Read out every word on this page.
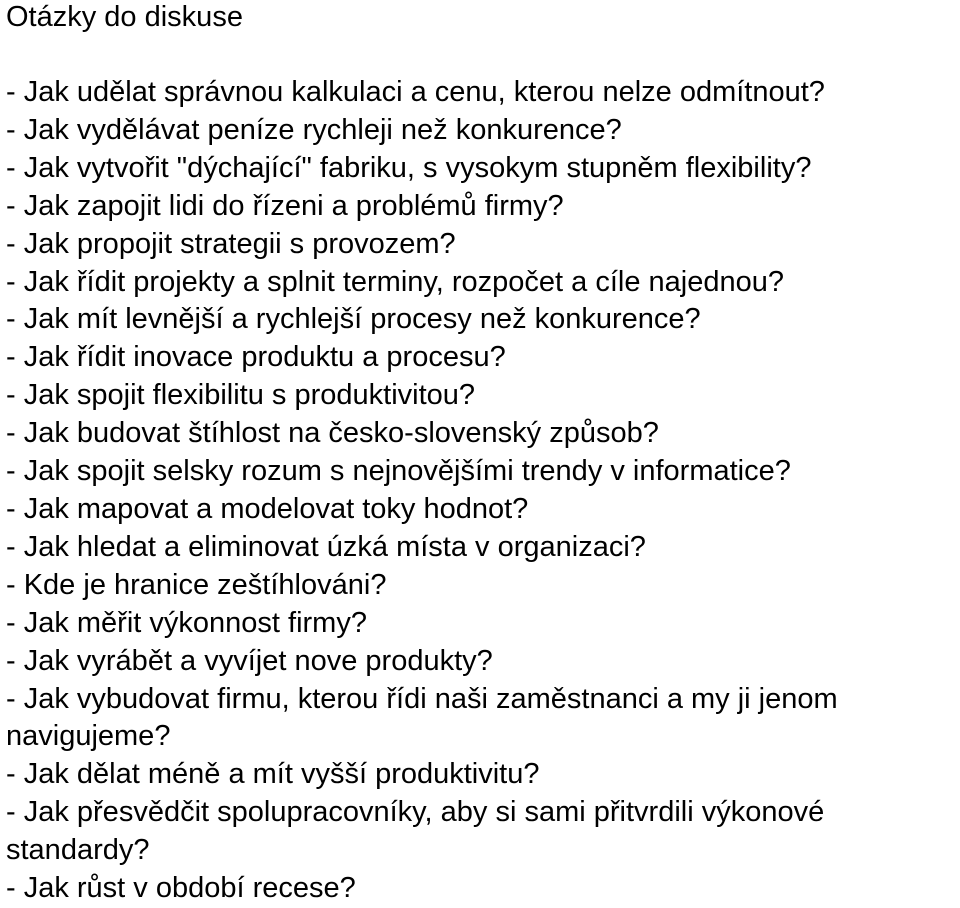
Otázky do diskuse
- Jak udělat správnou kalkulaci a cenu, kterou nelze odmítnout?
- Jak vydělávat peníze rychleji než konkurence?
- Jak vytvořit "dýchající" fabriku, s vysokym stupněm flexibility?
- Jak zapojit lidi do řízeni a problémů firmy?
- Jak propojit strategii s provozem?
- Jak řídit projekty a splnit terminy, rozpočet a cíle najednou?
- Jak mít levnější a rychlejší procesy než konkurence?
- Jak řídit inovace produktu a procesu?
- Jak spojit flexibilitu s produktivitou?
- Jak budovat štíhlost na česko-slovenský způsob?
- Jak spojit selsky rozum s nejnovějšími trendy v informatice?
- Jak mapovat a modelovat toky hodnot?
- Jak hledat a eliminovat úzká místa v organizaci?
- Kde je hranice zeštíhlováni?
- Jak měřit výkonnost firmy?
- Jak vyrábět a vyvíjet nove produkty?
- Jak vybudovat firmu, kterou řídi naši zaměstnanci a my ji jenom navigujeme?
- Jak dělat méně a mít vyšší produktivitu?
- Jak přesvědčit spolupracovníky, aby si sami přitvrdili výkonové standardy?
- Jak růst v období recese?
